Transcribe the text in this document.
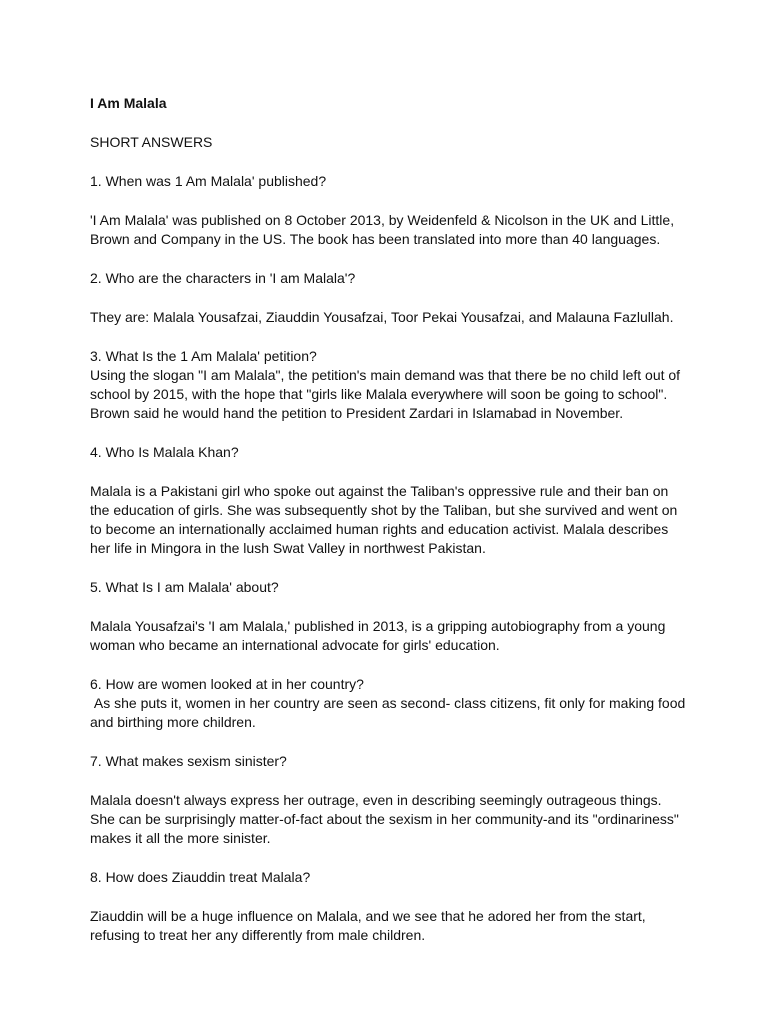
I Am Malala
SHORT ANSWERS
1. When was 1 Am Malala' published?
'I Am Malala' was published on 8 October 2013, by Weidenfeld & Nicolson in the UK and Little,
Brown and Company in the US. The book has been translated into more than 40 languages.
2. Who are the characters in 'I am Malala'?
They are: Malala Yousafzai, Ziauddin Yousafzai, Toor Pekai Yousafzai, and Malauna Fazlullah.
3. What Is the 1 Am Malala' petition?
Using the slogan "I am Malala", the petition's main demand was that there be no child left out of
school by 2015, with the hope that "girls like Malala everywhere will soon be going to school".
Brown said he would hand the petition to President Zardari in Islamabad in November.
4. Who Is Malala Khan?
Malala is a Pakistani girl who spoke out against the Taliban's oppressive rule and their ban on
the education of girls. She was subsequently shot by the Taliban, but she survived and went on
to become an internationally acclaimed human rights and education activist. Malala describes
her life in Mingora in the lush Swat Valley in northwest Pakistan.
5. What Is I am Malala' about?
Malala Yousafzai's 'I am Malala,' published in 2013, is a gripping autobiography from a young
woman who became an international advocate for girls' education.
6. How are women looked at in her country?
As she puts it, women in her country are seen as second- class citizens, fit only for making food
and birthing more children.
7. What makes sexism sinister?
Malala doesn't always express her outrage, even in describing seemingly outrageous things.
She can be surprisingly matter-of-fact about the sexism in her community-and its "ordinariness"
makes it all the more sinister.
8. How does Ziauddin treat Malala?
Ziauddin will be a huge influence on Malala, and we see that he adored her from the start,
refusing to treat her any differently from male children.
